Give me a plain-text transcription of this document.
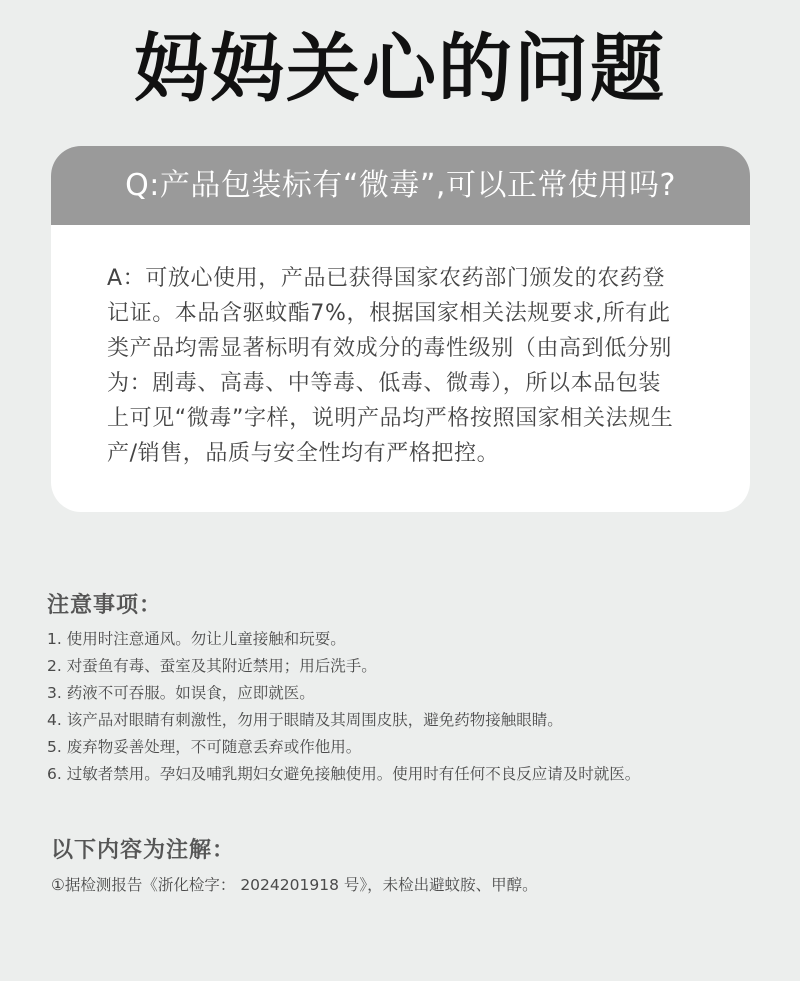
妈妈关心的问题
Q:产品包装标有“微毒”,可以正常使用吗?
A：可放心使用，产品已获得国家农药部门颁发的农药登
记证。本品含驱蚊酯7%，根据国家相关法规要求,所有此
类产品均需显著标明有效成分的毒性级别（由高到低分别
为：剧毒、高毒、中等毒、低毒、微毒），所以本品包装
上可见“微毒”字样，说明产品均严格按照国家相关法规生
产/销售，品质与安全性均有严格把控。
注意事项：
1. 使用时注意通风。勿让儿童接触和玩耍。
2. 对蚕鱼有毒、蚕室及其附近禁用；用后洗手。
3. 药液不可吞服。如误食，应即就医。
4. 该产品对眼睛有刺激性，勿用于眼睛及其周围皮肤，避免药物接触眼睛。
5. 废弃物妥善处理，不可随意丢弃或作他用。
6. 过敏者禁用。孕妇及哺乳期妇女避免接触使用。使用时有任何不良反应请及时就医。
以下内容为注解：
①据检测报告《浙化检字： 2024201918 号》，未检出避蚊胺、甲醇。
